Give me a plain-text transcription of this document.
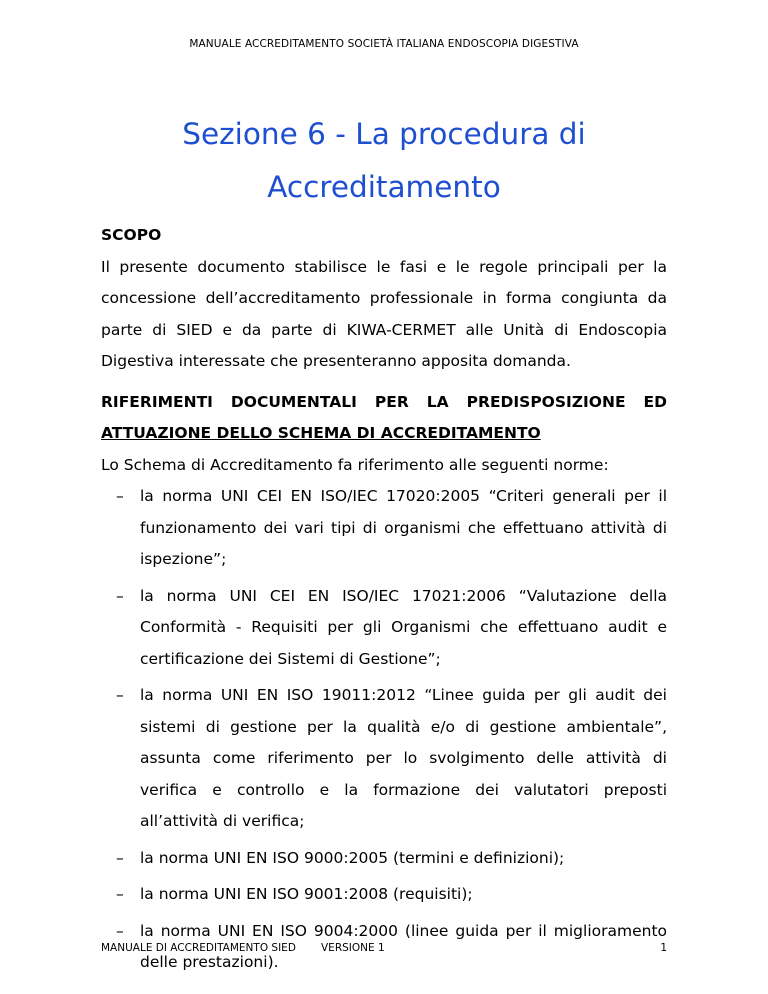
MANUALE ACCREDITAMENTO SOCIETÀ ITALIANA ENDOSCOPIA DIGESTIVA
Sezione 6 - La procedura di
Accreditamento

SCOPO

Il presente documento stabilisce le fasi e le regole principali per la concessione dell’accreditamento professionale in forma congiunta da parte di SIED e da parte di KIWA-CERMET alle Unità di Endoscopia Digestiva interessate che presenteranno apposita domanda.

RIFERIMENTI DOCUMENTALI PER LA PREDISPOSIZIONE ED ATTUAZIONE DELLO SCHEMA DI ACCREDITAMENTO

Lo Schema di Accreditamento fa riferimento alle seguenti norme:

– la norma UNI CEI EN ISO/IEC 17020:2005 “Criteri generali per il funzionamento dei vari tipi di organismi che effettuano attività di ispezione”;
– la norma UNI CEI EN ISO/IEC 17021:2006 “Valutazione della Conformità - Requisiti per gli Organismi che effettuano audit e certificazione dei Sistemi di Gestione”;
– la norma UNI EN ISO 19011:2012 “Linee guida per gli audit dei sistemi di gestione per la qualità e/o di gestione ambientale”, assunta come riferimento per lo svolgimento delle attività di verifica e controllo e la formazione dei valutatori preposti all’attività di verifica;
– la norma UNI EN ISO 9000:2005 (termini e definizioni);
– la norma UNI EN ISO 9001:2008 (requisiti);
– la norma UNI EN ISO 9004:2000 (linee guida per il miglioramento delle prestazioni).
MANUALE DI ACCREDITAMENTO SIED VERSIONE 1	1
